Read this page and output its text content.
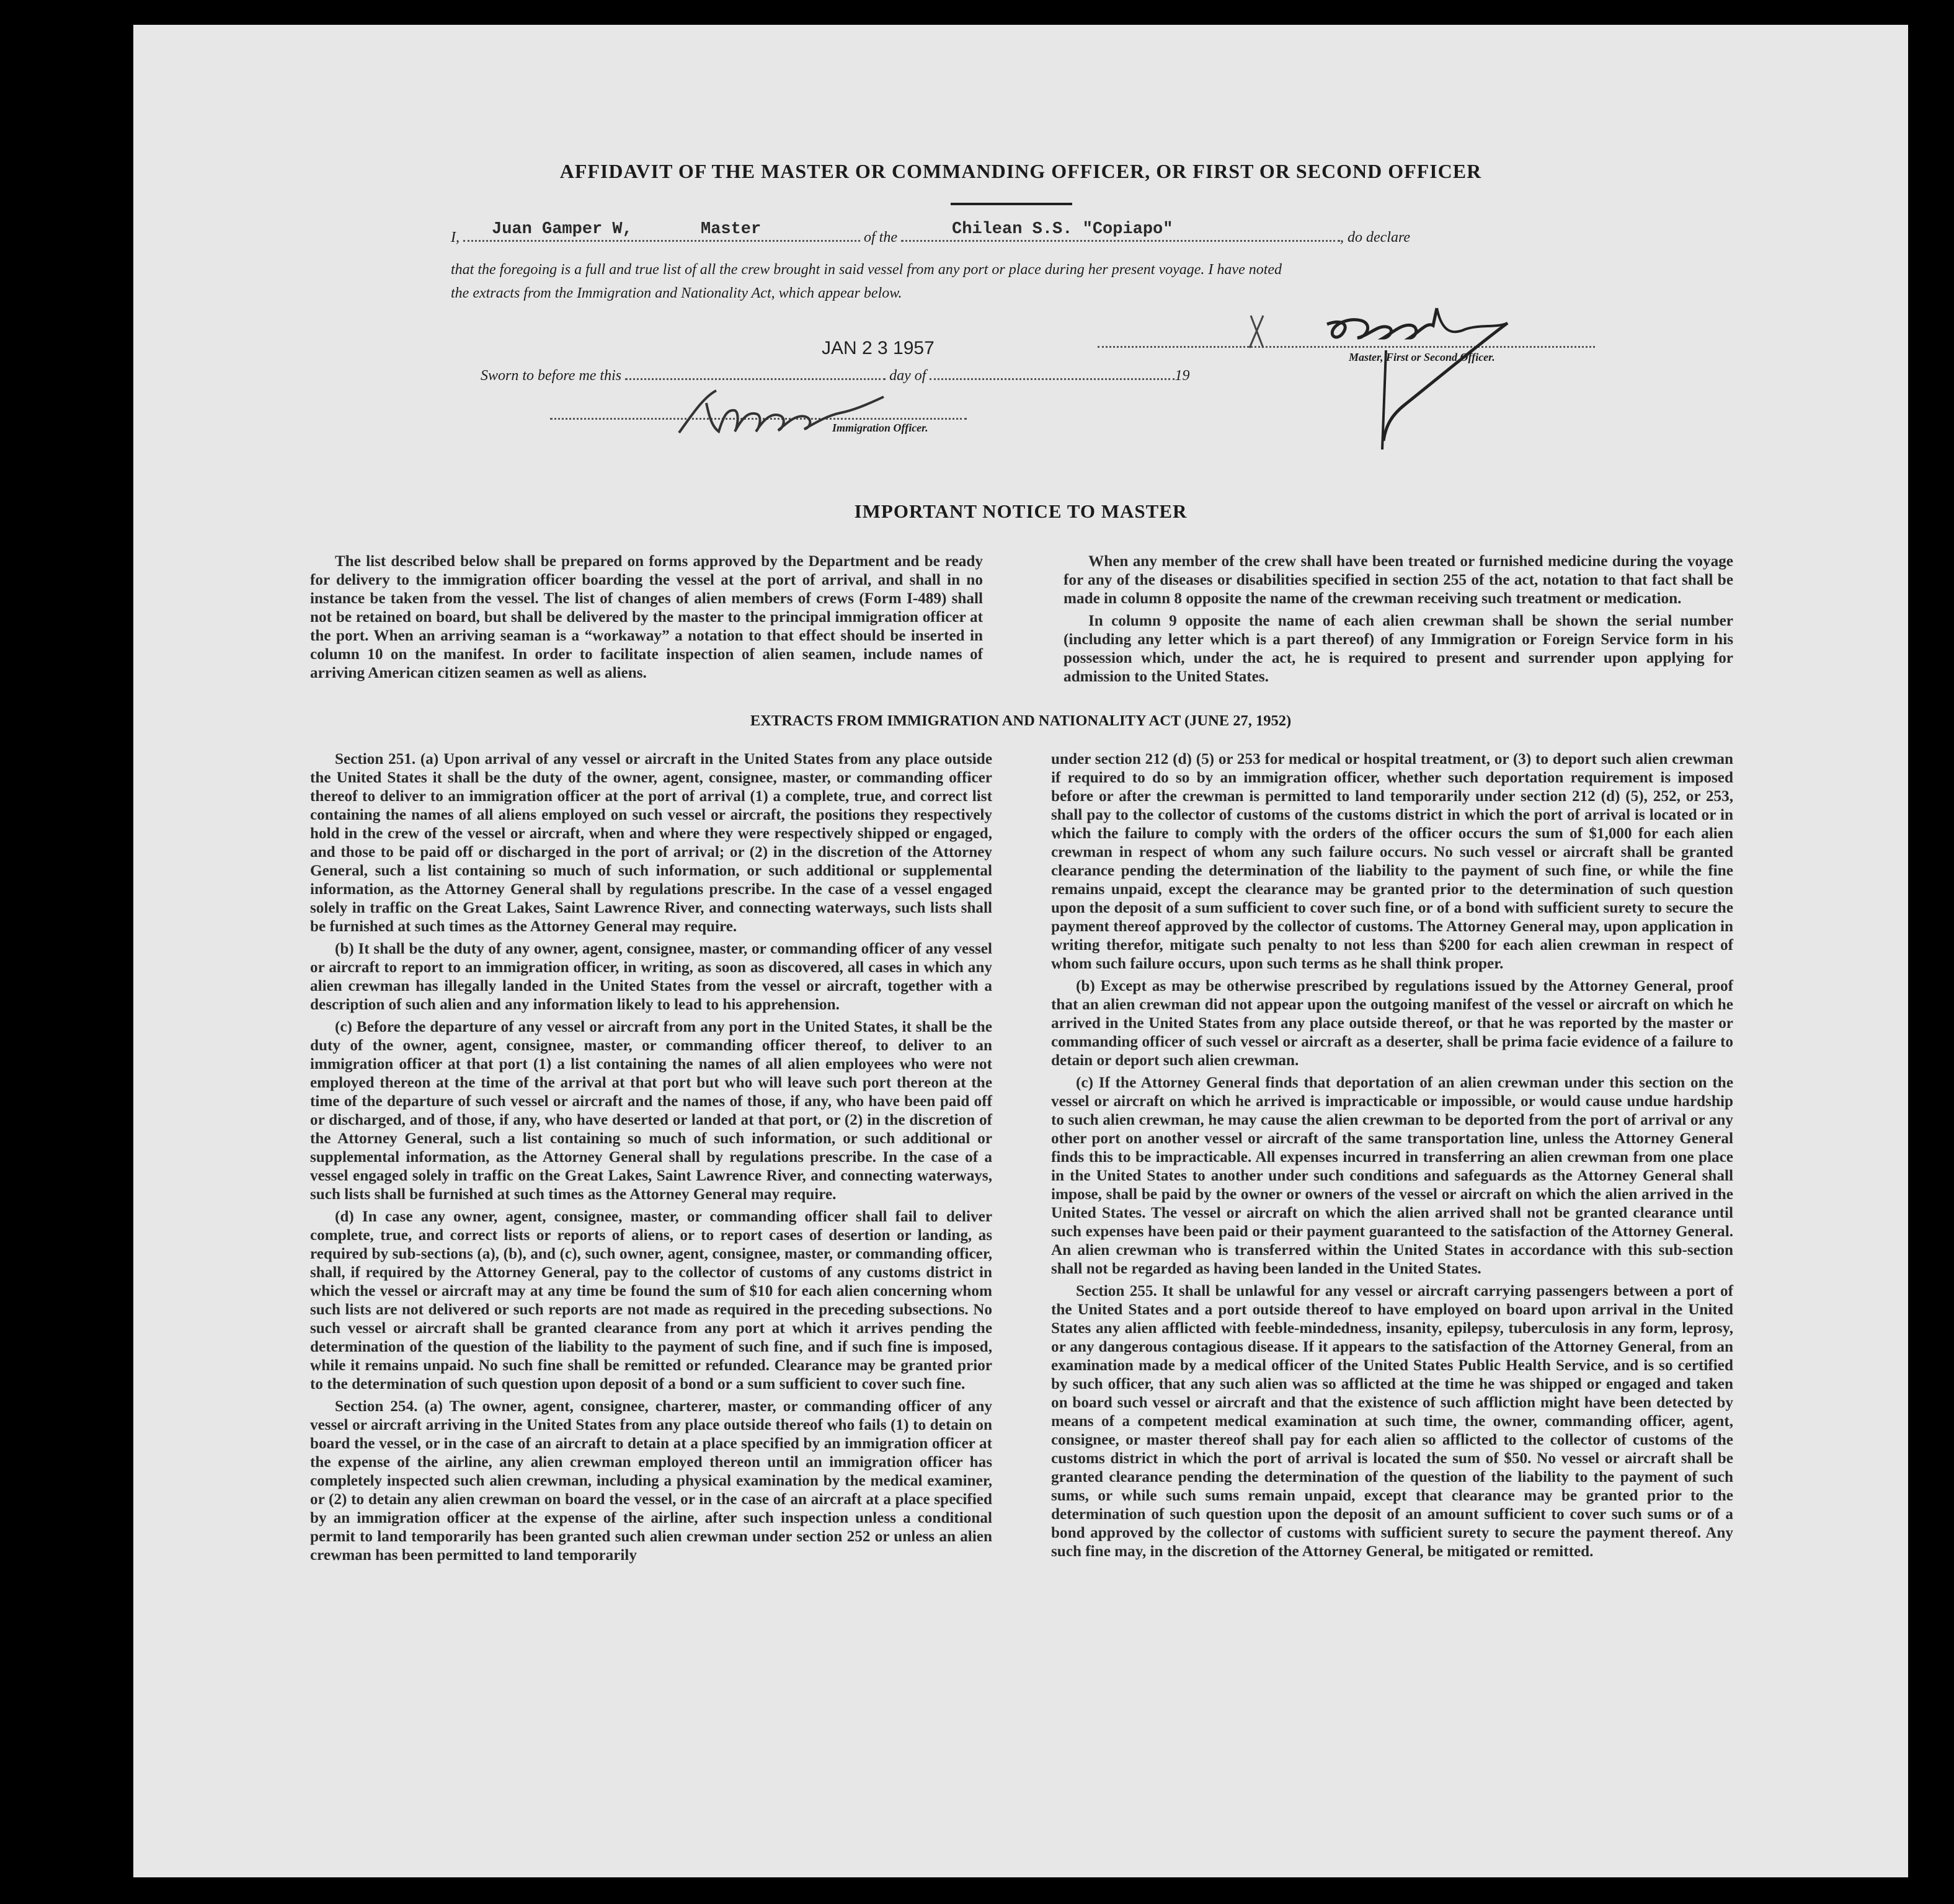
AFFIDAVIT OF THE MASTER OR COMMANDING OFFICER, OR FIRST OR SECOND OFFICER
I, Juan Gamper W,	Master	of the	Chilean S.S. "Copiapo"	, do declare
that the foregoing is a full and true list of all the crew brought in said vessel from any port or place during her present voyage. I have noted
the extracts from the Immigration and Nationality Act, which appear below.
JAN 2 3 1957	Master, First or Second Officer.
Sworn to before me this	day of	19
Immigration Officer.
IMPORTANT NOTICE TO MASTER

The list described below shall be prepared on forms approved by the Department and be ready for delivery to the immigration officer boarding the vessel at the port of arrival, and shall in no instance be taken from the vessel. The list of changes of alien members of crews (Form I-489) shall not be retained on board, but shall be delivered by the master to the principal immigration officer at the port. When an arriving seaman is a “workaway” a notation to that effect should be inserted in column 10 on the manifest. In order to facilitate inspection of alien seamen, include names of arriving American citizen seamen as well as aliens.

When any member of the crew shall have been treated or furnished medicine during the voyage for any of the diseases or disabilities specified in section 255 of the act, notation to that fact shall be made in column 8 opposite the name of the crewman receiving such treatment or medication.

In column 9 opposite the name of each alien crewman shall be shown the serial number (including any letter which is a part thereof) of any Immigration or Foreign Service form in his possession which, under the act, he is required to present and surrender upon applying for admission to the United States.

EXTRACTS FROM IMMIGRATION AND NATIONALITY ACT (JUNE 27, 1952)

Section 251. (a) Upon arrival of any vessel or aircraft in the United States from any place outside the United States it shall be the duty of the owner, agent, consignee, master, or commanding officer thereof to deliver to an immigration officer at the port of arrival (1) a complete, true, and correct list containing the names of all aliens employed on such vessel or aircraft, the positions they respectively hold in the crew of the vessel or aircraft, when and where they were respectively shipped or engaged, and those to be paid off or discharged in the port of arrival; or (2) in the discretion of the Attorney General, such a list containing so much of such information, or such additional or supplemental information, as the Attorney General shall by regulations prescribe. In the case of a vessel engaged solely in traffic on the Great Lakes, Saint Lawrence River, and connecting waterways, such lists shall be furnished at such times as the Attorney General may require.

(b) It shall be the duty of any owner, agent, consignee, master, or commanding officer of any vessel or aircraft to report to an immigration officer, in writing, as soon as discovered, all cases in which any alien crewman has illegally landed in the United States from the vessel or aircraft, together with a description of such alien and any information likely to lead to his apprehension.

(c) Before the departure of any vessel or aircraft from any port in the United States, it shall be the duty of the owner, agent, consignee, master, or commanding officer thereof, to deliver to an immigration officer at that port (1) a list containing the names of all alien employees who were not employed thereon at the time of the arrival at that port but who will leave such port thereon at the time of the departure of such vessel or aircraft and the names of those, if any, who have been paid off or discharged, and of those, if any, who have deserted or landed at that port, or (2) in the discretion of the Attorney General, such a list containing so much of such information, or such additional or supplemental information, as the Attorney General shall by regulations prescribe. In the case of a vessel engaged solely in traffic on the Great Lakes, Saint Lawrence River, and connecting waterways, such lists shall be furnished at such times as the Attorney General may require.

(d) In case any owner, agent, consignee, master, or commanding officer shall fail to deliver complete, true, and correct lists or reports of aliens, or to report cases of desertion or landing, as required by sub-sections (a), (b), and (c), such owner, agent, consignee, master, or commanding officer, shall, if required by the Attorney General, pay to the collector of customs of any customs district in which the vessel or aircraft may at any time be found the sum of $10 for each alien concerning whom such lists are not delivered or such reports are not made as required in the preceding subsections. No such vessel or aircraft shall be granted clearance from any port at which it arrives pending the determination of the question of the liability to the payment of such fine, and if such fine is imposed, while it remains unpaid. No such fine shall be remitted or refunded. Clearance may be granted prior to the determination of such question upon deposit of a bond or a sum sufficient to cover such fine.

Section 254. (a) The owner, agent, consignee, charterer, master, or commanding officer of any vessel or aircraft arriving in the United States from any place outside thereof who fails (1) to detain on board the vessel, or in the case of an aircraft to detain at a place specified by an immigration officer at the expense of the airline, any alien crewman employed thereon until an immigration officer has completely inspected such alien crewman, including a physical examination by the medical examiner, or (2) to detain any alien crewman on board the vessel, or in the case of an aircraft at a place specified by an immigration officer at the expense of the airline, after such inspection unless a conditional permit to land temporarily has been granted such alien crewman under section 252 or unless an alien crewman has been permitted to land temporarily

under section 212 (d) (5) or 253 for medical or hospital treatment, or (3) to deport such alien crewman if required to do so by an immigration officer, whether such deportation requirement is imposed before or after the crewman is permitted to land temporarily under section 212 (d) (5), 252, or 253, shall pay to the collector of customs of the customs district in which the port of arrival is located or in which the failure to comply with the orders of the officer occurs the sum of $1,000 for each alien crewman in respect of whom any such failure occurs. No such vessel or aircraft shall be granted clearance pending the determination of the liability to the payment of such fine, or while the fine remains unpaid, except the clearance may be granted prior to the determination of such question upon the deposit of a sum sufficient to cover such fine, or of a bond with sufficient surety to secure the payment thereof approved by the collector of customs. The Attorney General may, upon application in writing therefor, mitigate such penalty to not less than $200 for each alien crewman in respect of whom such failure occurs, upon such terms as he shall think proper.

(b) Except as may be otherwise prescribed by regulations issued by the Attorney General, proof that an alien crewman did not appear upon the outgoing manifest of the vessel or aircraft on which he arrived in the United States from any place outside thereof, or that he was reported by the master or commanding officer of such vessel or aircraft as a deserter, shall be prima facie evidence of a failure to detain or deport such alien crewman.

(c) If the Attorney General finds that deportation of an alien crewman under this section on the vessel or aircraft on which he arrived is impracticable or impossible, or would cause undue hardship to such alien crewman, he may cause the alien crewman to be deported from the port of arrival or any other port on another vessel or aircraft of the same transportation line, unless the Attorney General finds this to be impracticable. All expenses incurred in transferring an alien crewman from one place in the United States to another under such conditions and safeguards as the Attorney General shall impose, shall be paid by the owner or owners of the vessel or aircraft on which the alien arrived in the United States. The vessel or aircraft on which the alien arrived shall not be granted clearance until such expenses have been paid or their payment guaranteed to the satisfaction of the Attorney General. An alien crewman who is transferred within the United States in accordance with this sub-section shall not be regarded as having been landed in the United States.

Section 255. It shall be unlawful for any vessel or aircraft carrying passengers between a port of the United States and a port outside thereof to have employed on board upon arrival in the United States any alien afflicted with feeble-mindedness, insanity, epilepsy, tuberculosis in any form, leprosy, or any dangerous contagious disease. If it appears to the satisfaction of the Attorney General, from an examination made by a medical officer of the United States Public Health Service, and is so certified by such officer, that any such alien was so afflicted at the time he was shipped or engaged and taken on board such vessel or aircraft and that the existence of such affliction might have been detected by means of a competent medical examination at such time, the owner, commanding officer, agent, consignee, or master thereof shall pay for each alien so afflicted to the collector of customs of the customs district in which the port of arrival is located the sum of $50. No vessel or aircraft shall be granted clearance pending the determination of the question of the liability to the payment of such sums, or while such sums remain unpaid, except that clearance may be granted prior to the determination of such question upon the deposit of an amount sufficient to cover such sums or of a bond approved by the collector of customs with sufficient surety to secure the payment thereof. Any such fine may, in the discretion of the Attorney General, be mitigated or remitted.
